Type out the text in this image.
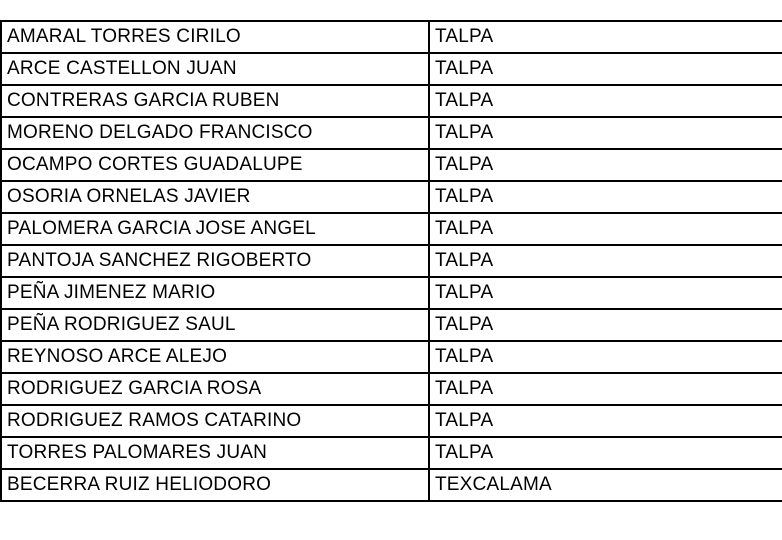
AMARAL TORRES CIRILO	TALPA
ARCE CASTELLON JUAN	TALPA
CONTRERAS GARCIA RUBEN	TALPA
MORENO DELGADO FRANCISCO	TALPA
OCAMPO CORTES GUADALUPE	TALPA
OSORIA ORNELAS JAVIER	TALPA
PALOMERA GARCIA JOSE ANGEL	TALPA
PANTOJA SANCHEZ RIGOBERTO	TALPA
PEÑA JIMENEZ MARIO	TALPA
PEÑA RODRIGUEZ SAUL	TALPA
REYNOSO ARCE ALEJO	TALPA
RODRIGUEZ GARCIA ROSA	TALPA
RODRIGUEZ RAMOS CATARINO	TALPA
TORRES PALOMARES JUAN	TALPA
BECERRA RUIZ HELIODORO	TEXCALAMA
